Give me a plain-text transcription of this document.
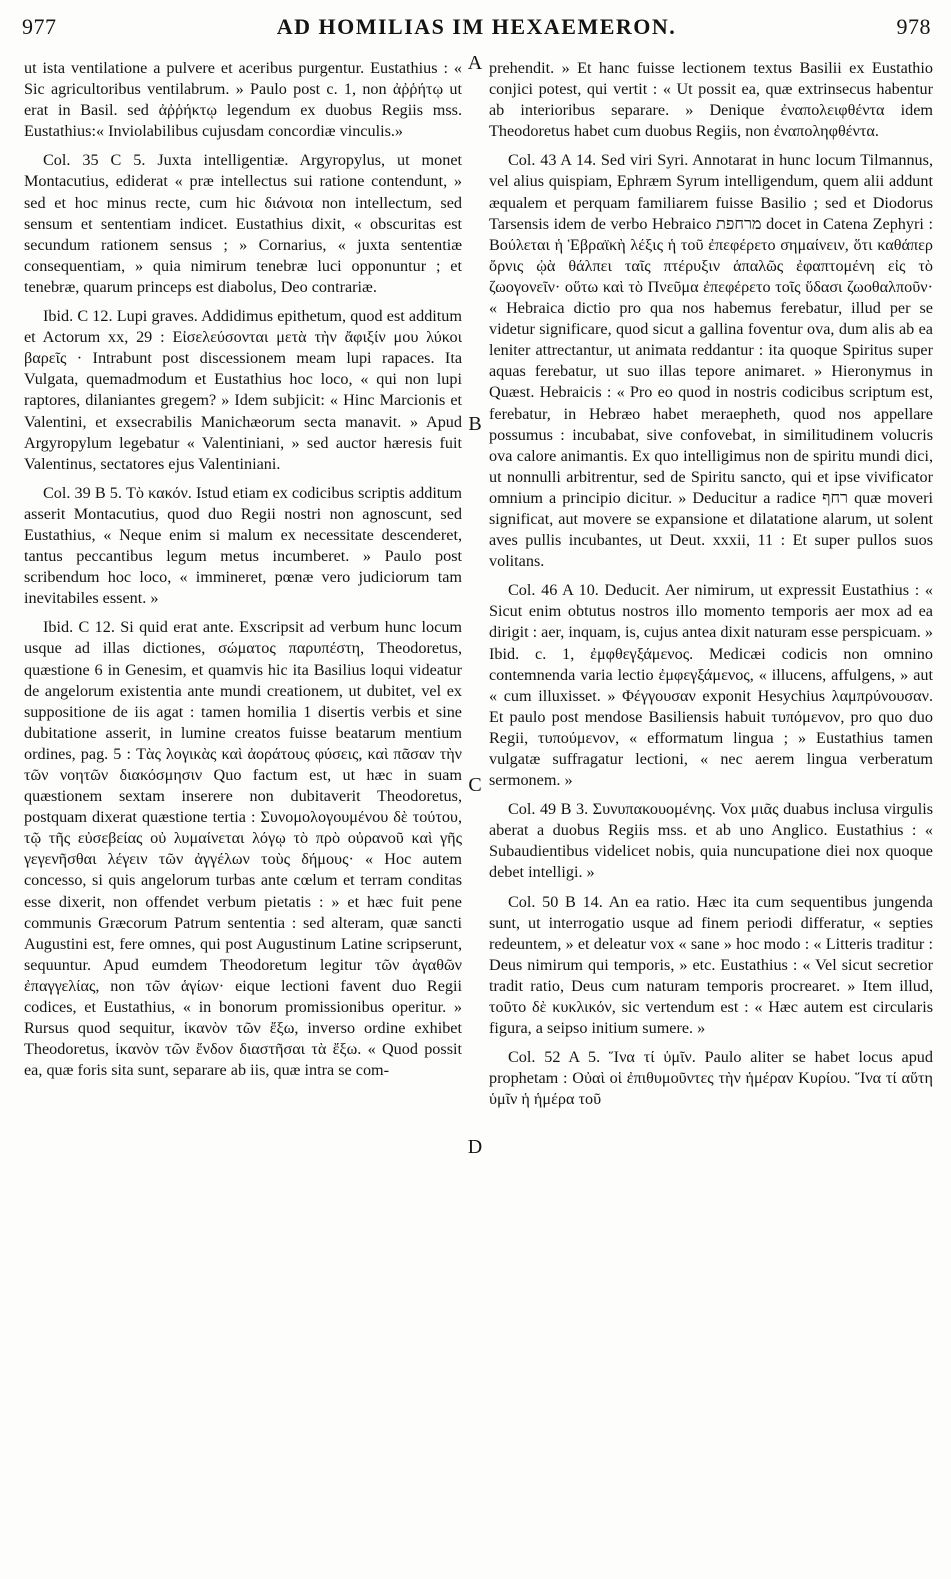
977	AD HOMILIAS IM HEXAEMERON.	978
A
B
C
D

ut ista ventilatione a pulvere et aceribus purgentur. Eustathius : « Sic agricultoribus ventilabrum. » Paulo post c. 1, non ἀῤῥήτῳ ut erat in Basil. sed ἀῤῥήκτῳ legendum ex duobus Regiis mss. Eustathius:« Inviolabilibus cujusdam concordiæ vinculis.»

Col. 35 C 5. Juxta intelligentiæ. Argyropylus, ut monet Montacutius, ediderat « præ intellectus sui ratione contendunt, » sed et hoc minus recte, cum hic διάνοια non intellectum, sed sensum et sententiam indicet. Eustathius dixit, « obscuritas est secundum rationem sensus ; » Cornarius, « juxta sententiæ consequentiam, » quia nimirum tenebræ luci opponuntur ; et tenebræ, quarum princeps est diabolus, Deo contrariæ.

Ibid. C 12. Lupi graves. Addidimus epithetum, quod est additum et Actorum xx, 29 : Εἰσελεύσονται μετὰ τὴν ἄφιξίν μου λύκοι βαρεῖς · Intrabunt post discessionem meam lupi rapaces. Ita Vulgata, quemadmodum et Eustathius hoc loco, « qui non lupi raptores, dilaniantes gregem? » Idem subjicit: « Hinc Marcionis et Valentini, et exsecrabilis Manichæorum secta manavit. » Apud Argyropylum legebatur « Valentiniani, » sed auctor hæresis fuit Valentinus, sectatores ejus Valentiniani.

Col. 39 B 5. Τὸ κακόν. Istud etiam ex codicibus scriptis additum asserit Montacutius, quod duo Regii nostri non agnoscunt, sed Eustathius, « Neque enim si malum ex necessitate descenderet, tantus peccantibus legum metus incumberet. » Paulo post scribendum hoc loco, « immineret, pœnæ vero judiciorum tam inevitabiles essent. »

Ibid. C 12. Si quid erat ante. Exscripsit ad verbum hunc locum usque ad illas dictiones, σώματος παρυπέστη, Theodoretus, quæstione 6 in Genesim, et quamvis hic ita Basilius loqui videatur de angelorum existentia ante mundi creationem, ut dubitet, vel ex suppositione de iis agat : tamen homilia 1 disertis verbis et sine dubitatione asserit, in lumine creatos fuisse beatarum mentium ordines, pag. 5 : Τὰς λογικὰς καὶ ἀοράτους φύσεις, καὶ πᾶσαν τὴν τῶν νοητῶν διακόσμησιν Quo factum est, ut hæc in suam quæstionem sextam inserere non dubitaverit Theodoretus, postquam dixerat quæstione tertia : Συνομολογουμένου δὲ τούτου, τῷ τῆς εὐσεβείας οὐ λυμαίνεται λόγῳ τὸ πρὸ οὐρανοῦ καὶ γῆς γεγενῆσθαι λέγειν τῶν ἀγγέλων τοὺς δήμους· « Hoc autem concesso, si quis angelorum turbas ante cœlum et terram conditas esse dixerit, non offendet verbum pietatis : » et hæc fuit pene communis Græcorum Patrum sententia : sed alteram, quæ sancti Augustini est, fere omnes, qui post Augustinum Latine scripserunt, sequuntur. Apud eumdem Theodoretum legitur τῶν ἀγαθῶν ἐπαγγελίας, non τῶν ἁγίων· eique lectioni favent duo Regii codices, et Eustathius, « in bonorum promissionibus operitur. » Rursus quod sequitur, ἱκανὸν τῶν ἔξω, inverso ordine exhibet Theodoretus, ἱκανὸν τῶν ἔνδον διαστῆσαι τὰ ἔξω. « Quod possit ea, quæ foris sita sunt, separare ab iis, quæ intra se com-

prehendit. » Et hanc fuisse lectionem textus Basilii ex Eustathio conjici potest, qui vertit : « Ut possit ea, quæ extrinsecus habentur ab interioribus separare. » Denique ἐναπολειφθέντα idem Theodoretus habet cum duobus Regiis, non ἐναποληφθέντα.

Col. 43 A 14. Sed viri Syri. Annotarat in hunc locum Tilmannus, vel alius quispiam, Ephræm Syrum intelligendum, quem alii addunt æqualem et perquam familiarem fuisse Basilio ; sed et Diodorus Tarsensis idem de verbo Hebraico מרחפת docet in Catena Zephyri : Βούλεται ἡ Ἑβραϊκὴ λέξις ἡ τοῦ ἐπεφέρετο σημαίνειν, ὅτι καθάπερ ὄρνις ᾠὰ θάλπει ταῖς πτέρυξιν ἁπαλῶς ἐφαπτομένη εἰς τὸ ζωογονεῖν· οὕτω καὶ τὸ Πνεῦμα ἐπεφέρετο τοῖς ὕδασι ζωοθαλποῦν· « Hebraica dictio pro qua nos habemus ferebatur, illud per se videtur significare, quod sicut a gallina foventur ova, dum alis ab ea leniter attrectantur, ut animata reddantur : ita quoque Spiritus super aquas ferebatur, ut suo illas tepore animaret. » Hieronymus in Quæst. Hebraicis : « Pro eo quod in nostris codicibus scriptum est, ferebatur, in Hebræo habet meraepheth, quod nos appellare possumus : incubabat, sive confovebat, in similitudinem volucris ova calore animantis. Ex quo intelligimus non de spiritu mundi dici, ut nonnulli arbitrentur, sed de Spiritu sancto, qui et ipse vivificator omnium a principio dicitur. » Deducitur a radice רחף quæ moveri significat, aut movere se expansione et dilatatione alarum, ut solent aves pullis incubantes, ut Deut. xxxii, 11 : Et super pullos suos volitans.

Col. 46 A 10. Deducit. Aer nimirum, ut expressit Eustathius : « Sicut enim obtutus nostros illo momento temporis aer mox ad ea dirigit : aer, inquam, is, cujus antea dixit naturam esse perspicuam. » Ibid. c. 1, ἐμφθεγξάμενος. Medicæi codicis non omnino contemnenda varia lectio ἐμφεγξάμενος, « illucens, affulgens, » aut « cum illuxisset. » Φέγγουσαν exponit Hesychius λαμπρύνουσαν. Et paulo post mendose Basiliensis habuit τυπόμενον, pro quo duo Regii, τυπούμενον, « efformatum lingua ; » Eustathius tamen vulgatæ suffragatur lectioni, « nec aerem lingua verberatum sermonem. »

Col. 49 B 3. Συνυπακουομένης. Vox μιᾶς duabus inclusa virgulis aberat a duobus Regiis mss. et ab uno Anglico. Eustathius : « Subaudientibus videlicet nobis, quia nuncupatione diei nox quoque debet intelligi. »

Col. 50 B 14. An ea ratio. Hæc ita cum sequentibus jungenda sunt, ut interrogatio usque ad finem periodi differatur, « septies redeuntem, » et deleatur vox « sane » hoc modo : « Litteris traditur : Deus nimirum qui temporis, » etc. Eustathius : « Vel sicut secretior tradit ratio, Deus cum naturam temporis procrearet. » Item illud, τοῦτο δὲ κυκλικόν, sic vertendum est : « Hæc autem est circularis figura, a seipso initium sumere. »

Col. 52 A 5. Ἵνα τί ὑμῖν. Paulo aliter se habet locus apud prophetam : Οὐαὶ οἱ ἐπιθυμοῦντες τὴν ἡμέραν Κυρίου. Ἵνα τί αὕτη ὑμῖν ἡ ἡμέρα τοῦ
